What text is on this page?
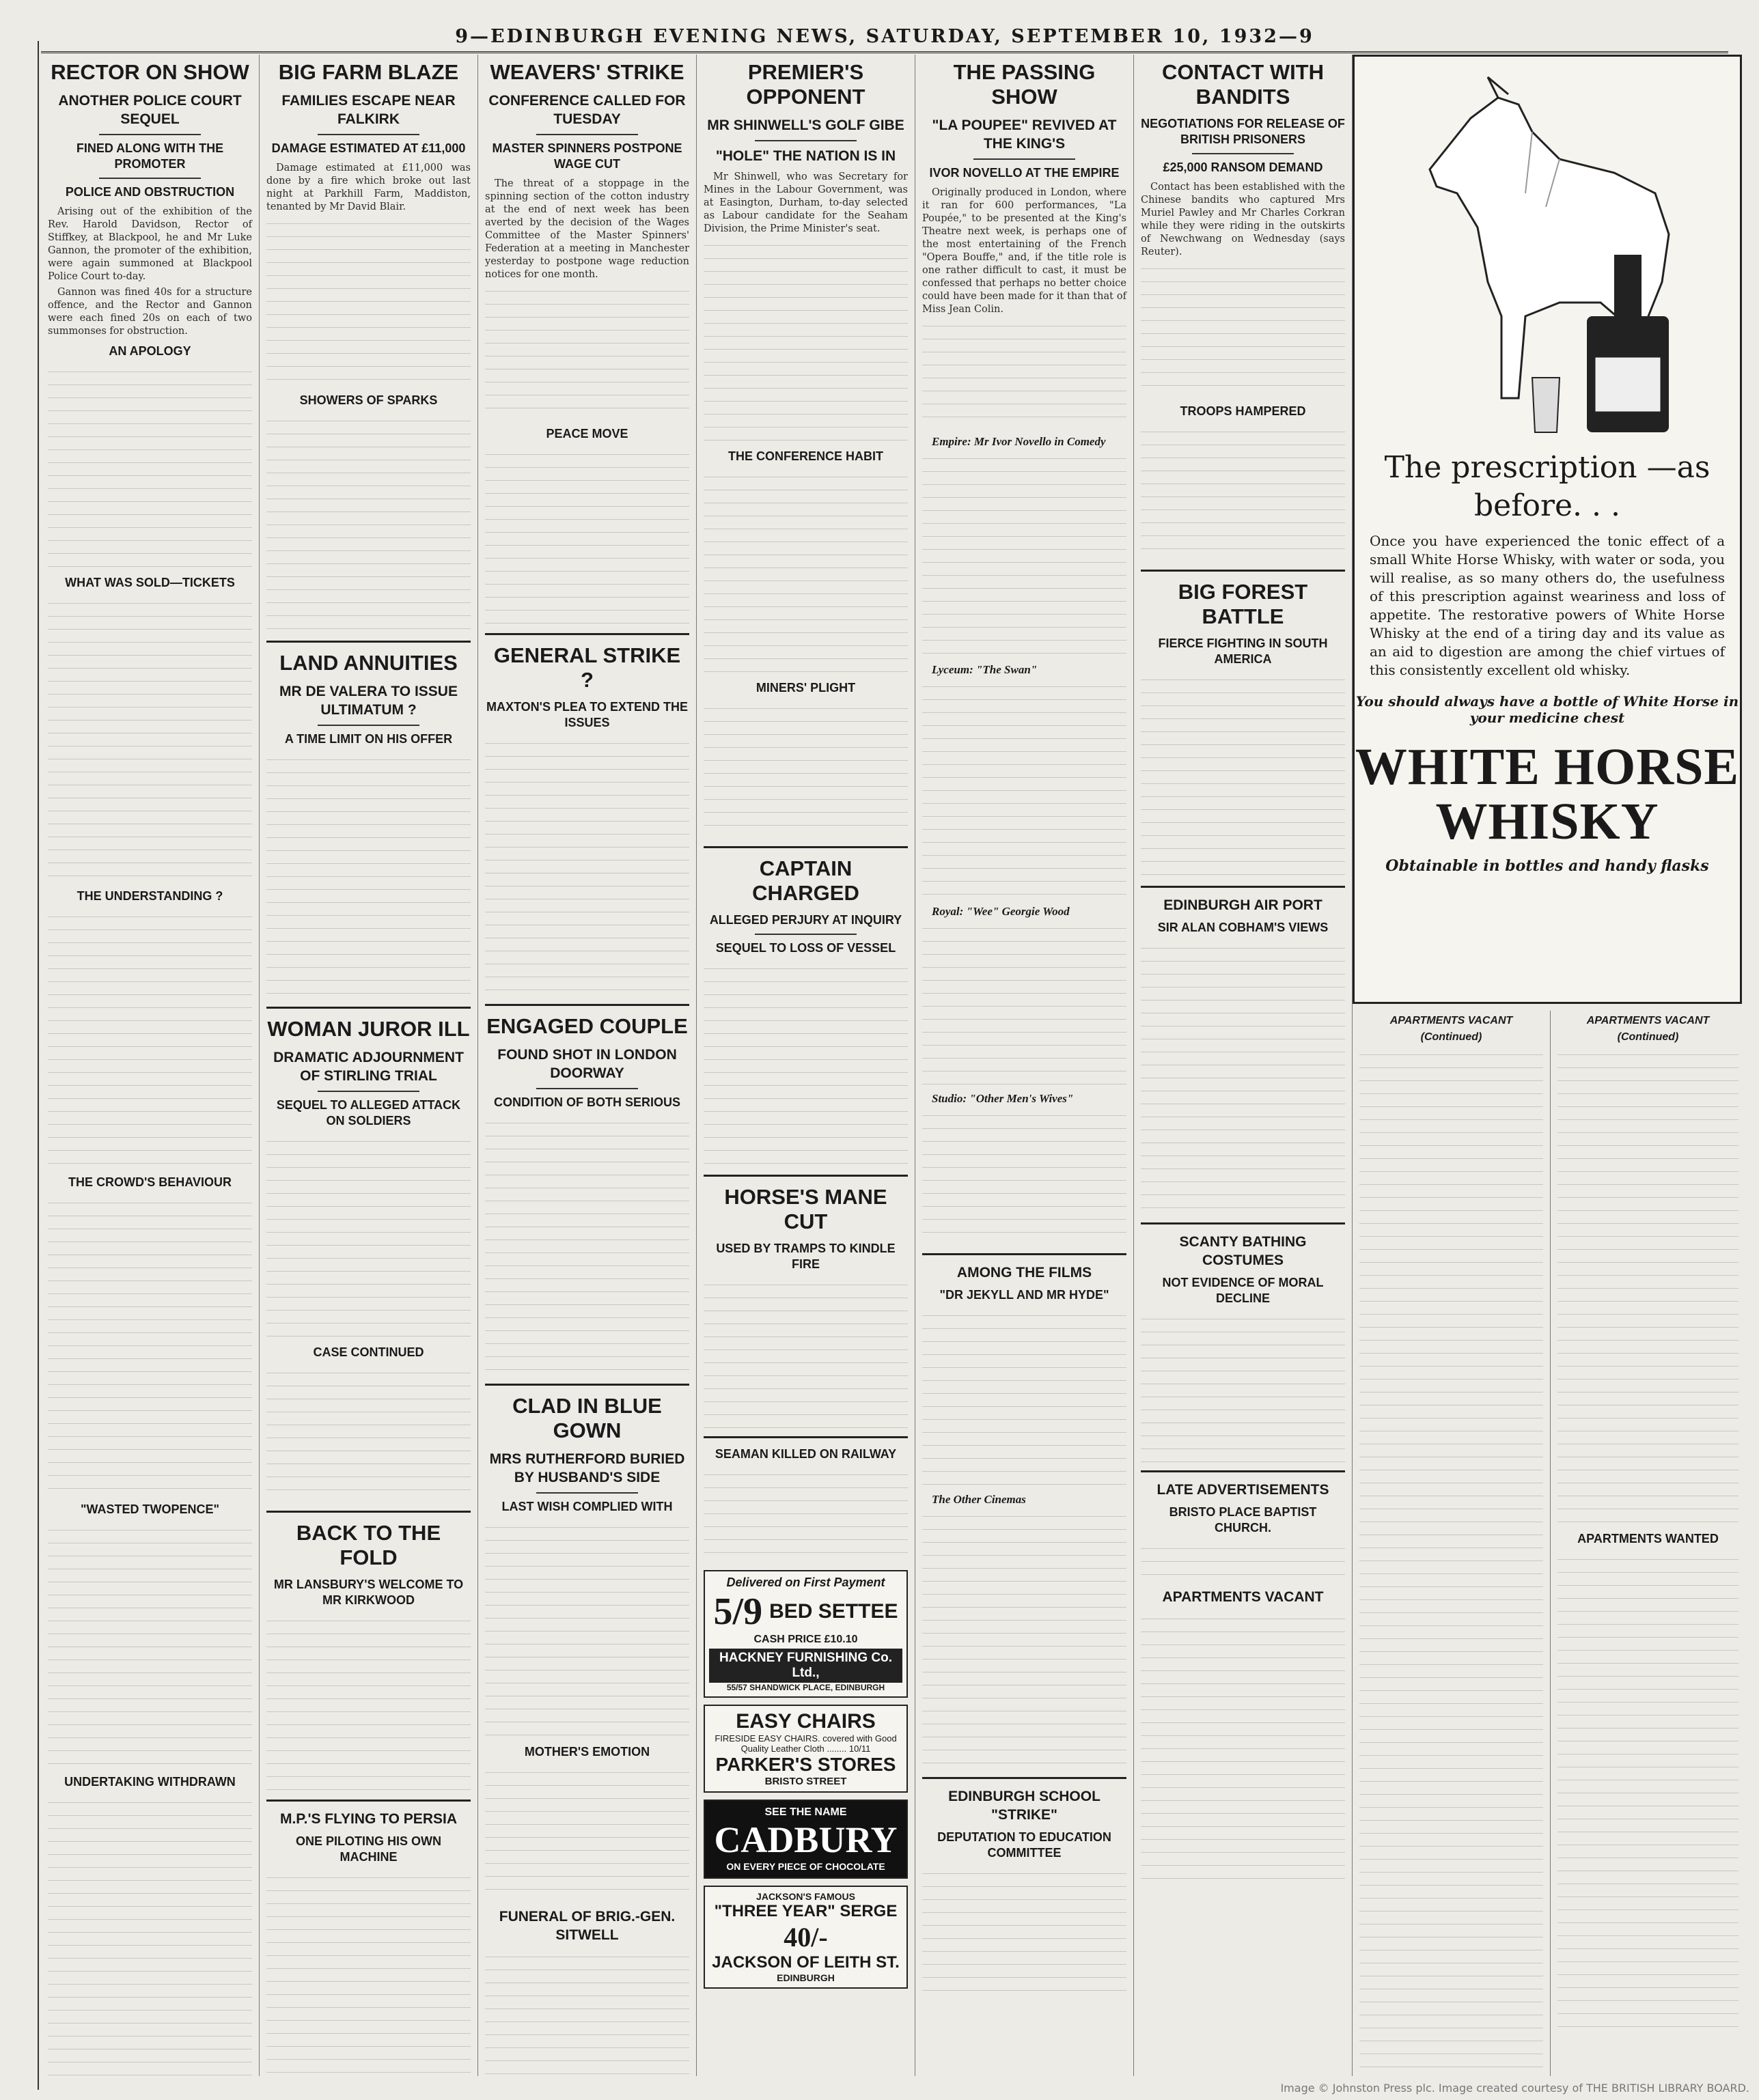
9—EDINBURGH EVENING NEWS, SATURDAY, SEPTEMBER 10, 1932—9
RECTOR ON SHOW
ANOTHER POLICE COURT SEQUEL
FINED ALONG WITH THE PROMOTER
POLICE AND OBSTRUCTION

Arising out of the exhibition of the Rev. Harold Davidson, Rector of Stiffkey, at Blackpool, he and Mr Luke Gannon, the promoter of the exhibition, were again summoned at Blackpool Police Court to-day.

Gannon was fined 40s for a structure offence, and the Rector and Gannon were each fined 20s on each of two summonses for obstruction.

AN APOLOGY
WHAT WAS SOLD—TICKETS
THE UNDERSTANDING ?
THE CROWD'S BEHAVIOUR
"WASTED TWOPENCE"
UNDERTAKING WITHDRAWN
BIG FARM BLAZE
FAMILIES ESCAPE NEAR FALKIRK
DAMAGE ESTIMATED AT £11,000

Damage estimated at £11,000 was done by a fire which broke out last night at Parkhill Farm, Maddiston, tenanted by Mr David Blair.

SHOWERS OF SPARKS
LAND ANNUITIES
MR DE VALERA TO ISSUE ULTIMATUM ?
A TIME LIMIT ON HIS OFFER
WOMAN JUROR ILL
DRAMATIC ADJOURNMENT OF STIRLING TRIAL
SEQUEL TO ALLEGED ATTACK ON SOLDIERS
CASE CONTINUED
BACK TO THE FOLD
MR LANSBURY'S WELCOME TO MR KIRKWOOD
M.P.'S FLYING TO PERSIA
ONE PILOTING HIS OWN MACHINE
WEAVERS' STRIKE
CONFERENCE CALLED FOR TUESDAY
MASTER SPINNERS POSTPONE WAGE CUT

The threat of a stoppage in the spinning section of the cotton industry at the end of next week has been averted by the decision of the Wages Committee of the Master Spinners' Federation at a meeting in Manchester yesterday to postpone wage reduction notices for one month.

PEACE MOVE
GENERAL STRIKE ?
MAXTON'S PLEA TO EXTEND THE ISSUES
ENGAGED COUPLE
FOUND SHOT IN LONDON DOORWAY
CONDITION OF BOTH SERIOUS
CLAD IN BLUE GOWN
MRS RUTHERFORD BURIED BY HUSBAND'S SIDE
LAST WISH COMPLIED WITH
MOTHER'S EMOTION
FUNERAL OF BRIG.-GEN. SITWELL
PREMIER'S OPPONENT
MR SHINWELL'S GOLF GIBE
"HOLE" THE NATION IS IN

Mr Shinwell, who was Secretary for Mines in the Labour Government, was at Easington, Durham, to-day selected as Labour candidate for the Seaham Division, the Prime Minister's seat.

THE CONFERENCE HABIT
MINERS' PLIGHT
CAPTAIN CHARGED
ALLEGED PERJURY AT INQUIRY
SEQUEL TO LOSS OF VESSEL
HORSE'S MANE CUT
USED BY TRAMPS TO KINDLE FIRE
SEAMAN KILLED ON RAILWAY
Delivered on First Payment
5/9 BED SETTEE
CASH PRICE £10.10
HACKNEY FURNISHING Co. Ltd.,
55/57 SHANDWICK PLACE, EDINBURGH
EASY CHAIRS
FIRESIDE EASY CHAIRS. covered with Good Quality Leather Cloth ........ 10/11
PARKER'S STORES
BRISTO STREET
SEE THE NAME
CADBURY
ON EVERY PIECE OF CHOCOLATE
JACKSON'S FAMOUS
"THREE YEAR" SERGE
40/-
JACKSON OF LEITH ST.
EDINBURGH
THE PASSING SHOW
"LA POUPEE" REVIVED AT THE KING'S
IVOR NOVELLO AT THE EMPIRE

Originally produced in London, where it ran for 600 performances, "La Poupée," to be presented at the King's Theatre next week, is perhaps one of the most entertaining of the French "Opera Bouffe," and, if the title role is one rather difficult to cast, it must be confessed that perhaps no better choice could have been made for it than that of Miss Jean Colin.

Empire: Mr Ivor Novello in Comedy
Lyceum: "The Swan"
Royal: "Wee" Georgie Wood
Studio: "Other Men's Wives"
AMONG THE FILMS
"DR JEKYLL AND MR HYDE"
The Other Cinemas
EDINBURGH SCHOOL "STRIKE"
DEPUTATION TO EDUCATION COMMITTEE
CONTACT WITH BANDITS
NEGOTIATIONS FOR RELEASE OF BRITISH PRISONERS
£25,000 RANSOM DEMAND

Contact has been established with the Chinese bandits who captured Mrs Muriel Pawley and Mr Charles Corkran while they were riding in the outskirts of Newchwang on Wednesday (says Reuter).

TROOPS HAMPERED
BIG FOREST BATTLE
FIERCE FIGHTING IN SOUTH AMERICA
EDINBURGH AIR PORT
SIR ALAN COBHAM'S VIEWS
SCANTY BATHING COSTUMES
NOT EVIDENCE OF MORAL DECLINE
LATE ADVERTISEMENTS
BRISTO PLACE BAPTIST CHURCH.
APARTMENTS VACANT
The prescription —as before. . .
Once you have experienced the tonic effect of a small White Horse Whisky, with water or soda, you will realise, as so many others do, the usefulness of this prescription against weariness and loss of appetite. The restorative powers of White Horse Whisky at the end of a tiring day and its value as an aid to digestion are among the chief virtues of this consistently excellent old whisky.
You should always have a bottle of White Horse in your medicine chest
WHITE HORSE
WHISKY
Obtainable in bottles and handy flasks
APARTMENTS VACANT
(Continued)
APARTMENTS VACANT
(Continued)
APARTMENTS WANTED
Image © Johnston Press plc. Image created courtesy of THE BRITISH LIBRARY BOARD.
